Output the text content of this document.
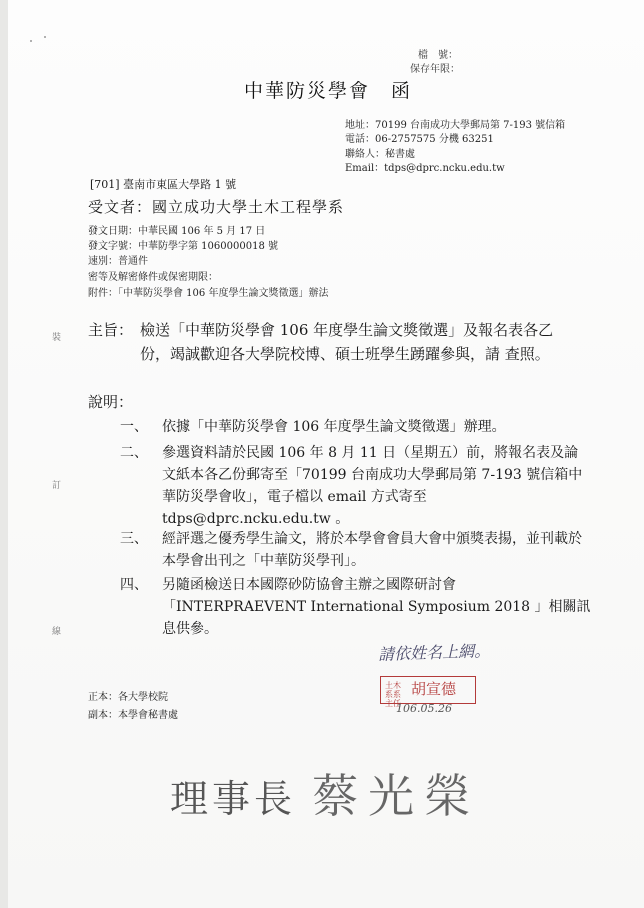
檔　號：
保存年限：
中華防災學會　函
地址：70199 台南成功大學郵局第 7-193 號信箱
電話：06-2757575 分機 63251
聯絡人：秘書處
Email：tdps@dprc.ncku.edu.tw
[701] 臺南市東區大學路 1 號
受文者：國立成功大學土木工程學系
發文日期：中華民國 106 年 5 月 17 日
發文字號：中華防學字第 1060000018 號
速別：普通件
密等及解密條件或保密期限：
附件：「中華防災學會 106 年度學生論文獎徵選」辦法
裝
訂
線
主旨： 檢送「中華防災學會 106 年度學生論文獎徵選」及報名表各乙份，竭誠歡迎各大學院校博、碩士班學生踴躍參與，請 查照。
說明：
一、 依據「中華防災學會 106 年度學生論文獎徵選」辦理。
二、 參選資料請於民國 106 年 8 月 11 日（星期五）前，將報名表及論文紙本各乙份郵寄至「70199 台南成功大學郵局第 7-193 號信箱中華防災學會收」，電子檔以 email 方式寄至 tdps@dprc.ncku.edu.tw 。
三、 經評選之優秀學生論文，將於本學會會員大會中頒獎表揚，並刊載於本學會出刊之「中華防災學刊」。
四、 另隨函檢送日本國際砂防協會主辦之國際研討會「INTERPRAEVENT International Symposium 2018 」相關訊息供參。
請依姓名上網。
土木系系主任
胡宣德
106.05.26
正本：各大學校院
副本：本學會秘書處
理事長 蔡光榮
